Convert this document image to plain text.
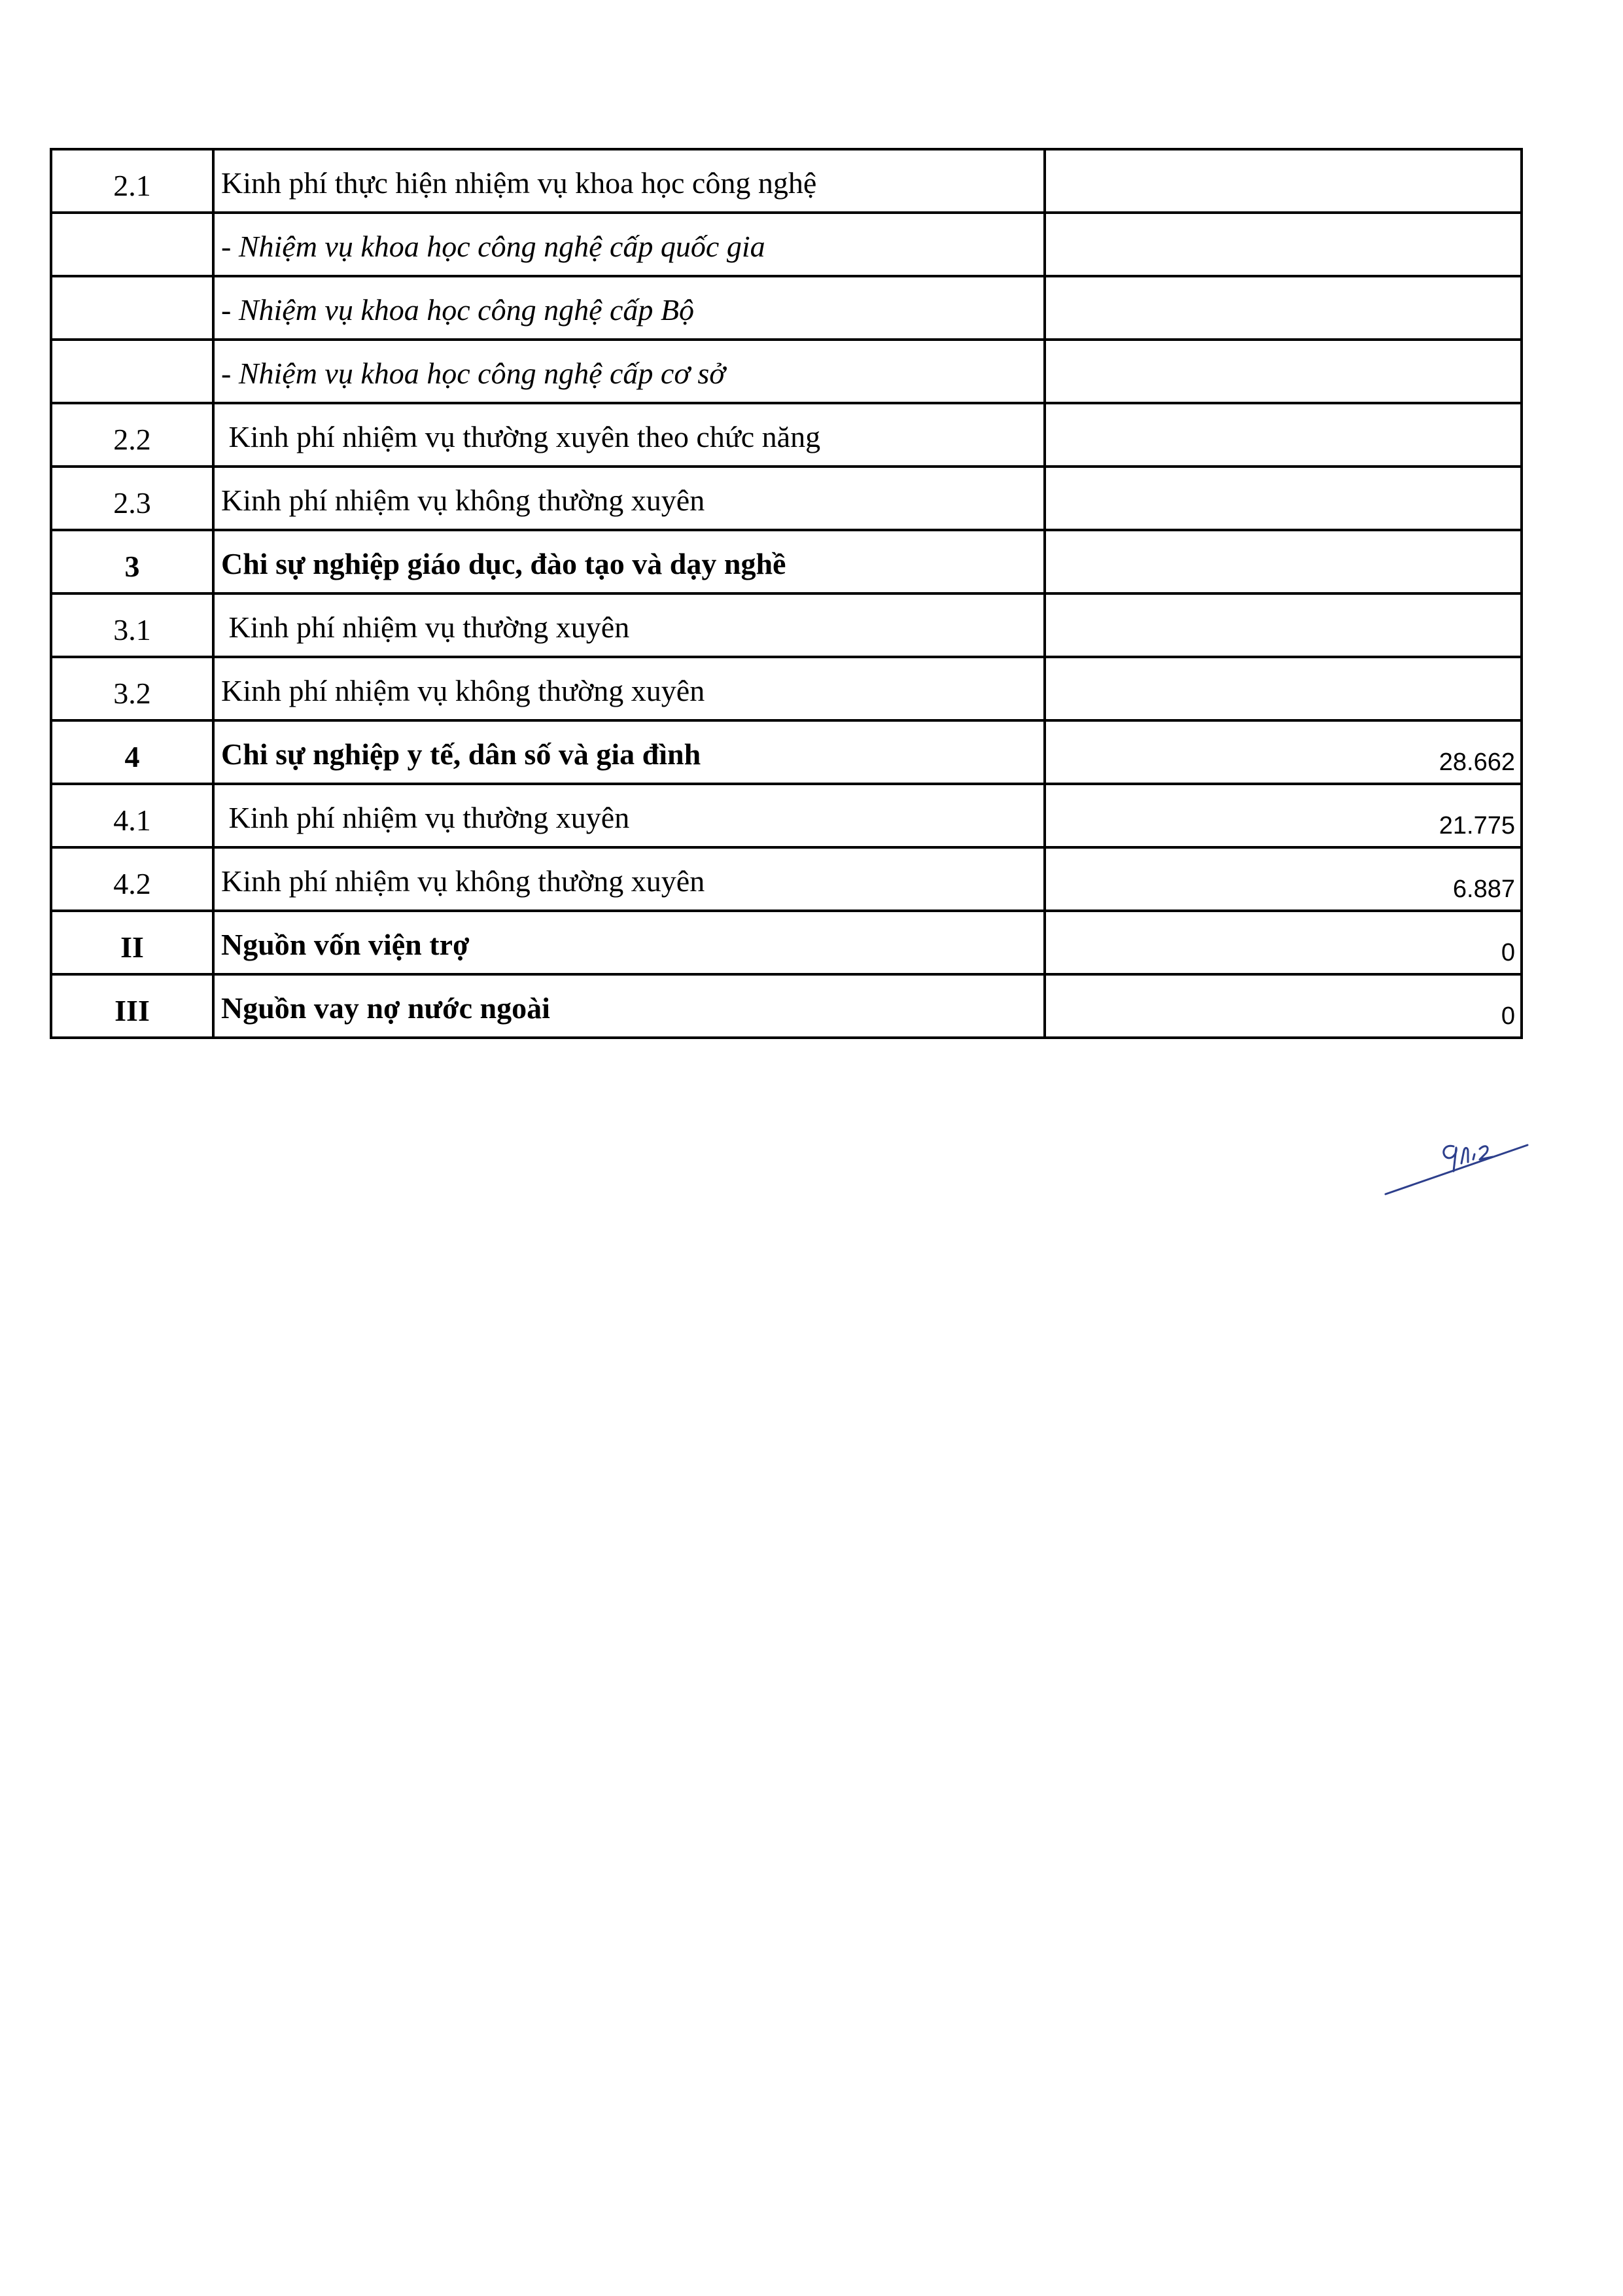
2.1	Kinh phí thực hiện nhiệm vụ khoa học công nghệ	
	- Nhiệm vụ khoa học công nghệ cấp quốc gia	
	- Nhiệm vụ khoa học công nghệ cấp Bộ	
	- Nhiệm vụ khoa học công nghệ cấp cơ sở	
2.2	Kinh phí nhiệm vụ thường xuyên theo chức năng	
2.3	Kinh phí nhiệm vụ không thường xuyên	
3	Chi sự nghiệp giáo dục, đào tạo và dạy nghề	
3.1	Kinh phí nhiệm vụ thường xuyên	
3.2	Kinh phí nhiệm vụ không thường xuyên	
4	Chi sự nghiệp y tế, dân số và gia đình	28.662
4.1	Kinh phí nhiệm vụ thường xuyên	21.775
4.2	Kinh phí nhiệm vụ không thường xuyên	6.887
II	Nguồn vốn viện trợ	0
III	Nguồn vay nợ nước ngoài	0
